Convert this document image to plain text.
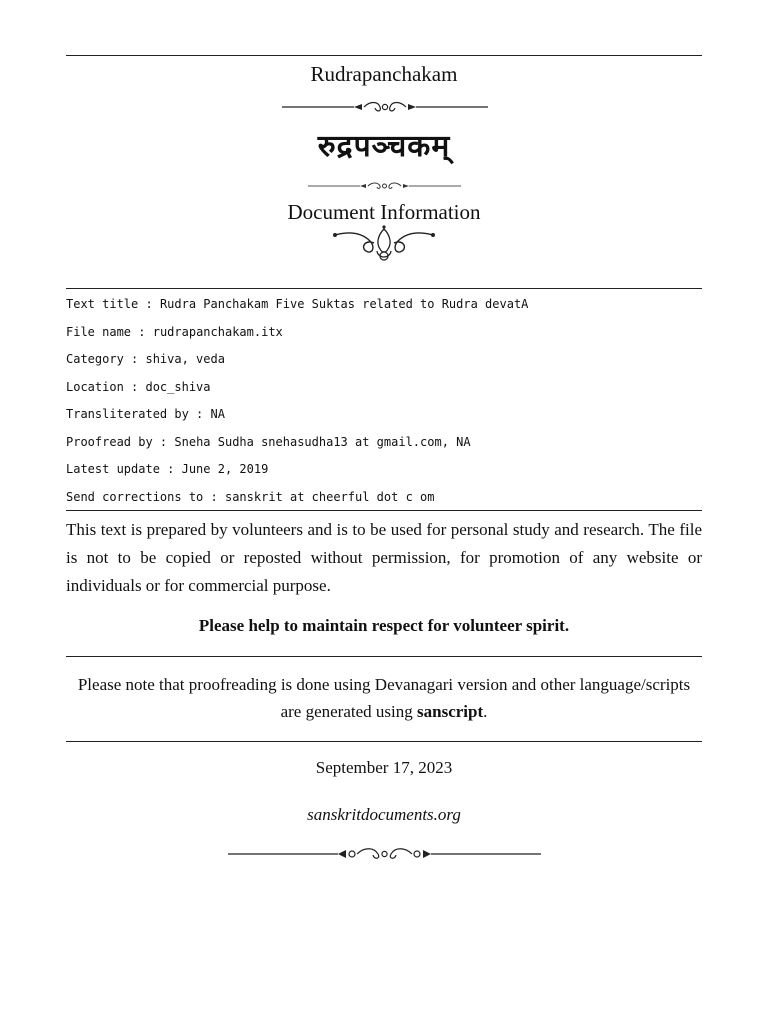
Rudrapanchakam
रुद्रपञ्चकम्
Document Information
Text title : Rudra Panchakam Five Suktas related to Rudra devatA
File name : rudrapanchakam.itx
Category : shiva, veda
Location : doc_shiva
Transliterated by : NA
Proofread by : Sneha Sudha snehasudha13 at gmail.com, NA
Latest update : June 2, 2019
Send corrections to : sanskrit at cheerful dot c om
This text is prepared by volunteers and is to be used for personal study and research. The file is not to be copied or reposted without permission, for promotion of any website or individuals or for commercial purpose.
Please help to maintain respect for volunteer spirit.
Please note that proofreading is done using Devanagari version and other language/scripts are generated using sanscript.
September 17, 2023
sanskritdocuments.org
